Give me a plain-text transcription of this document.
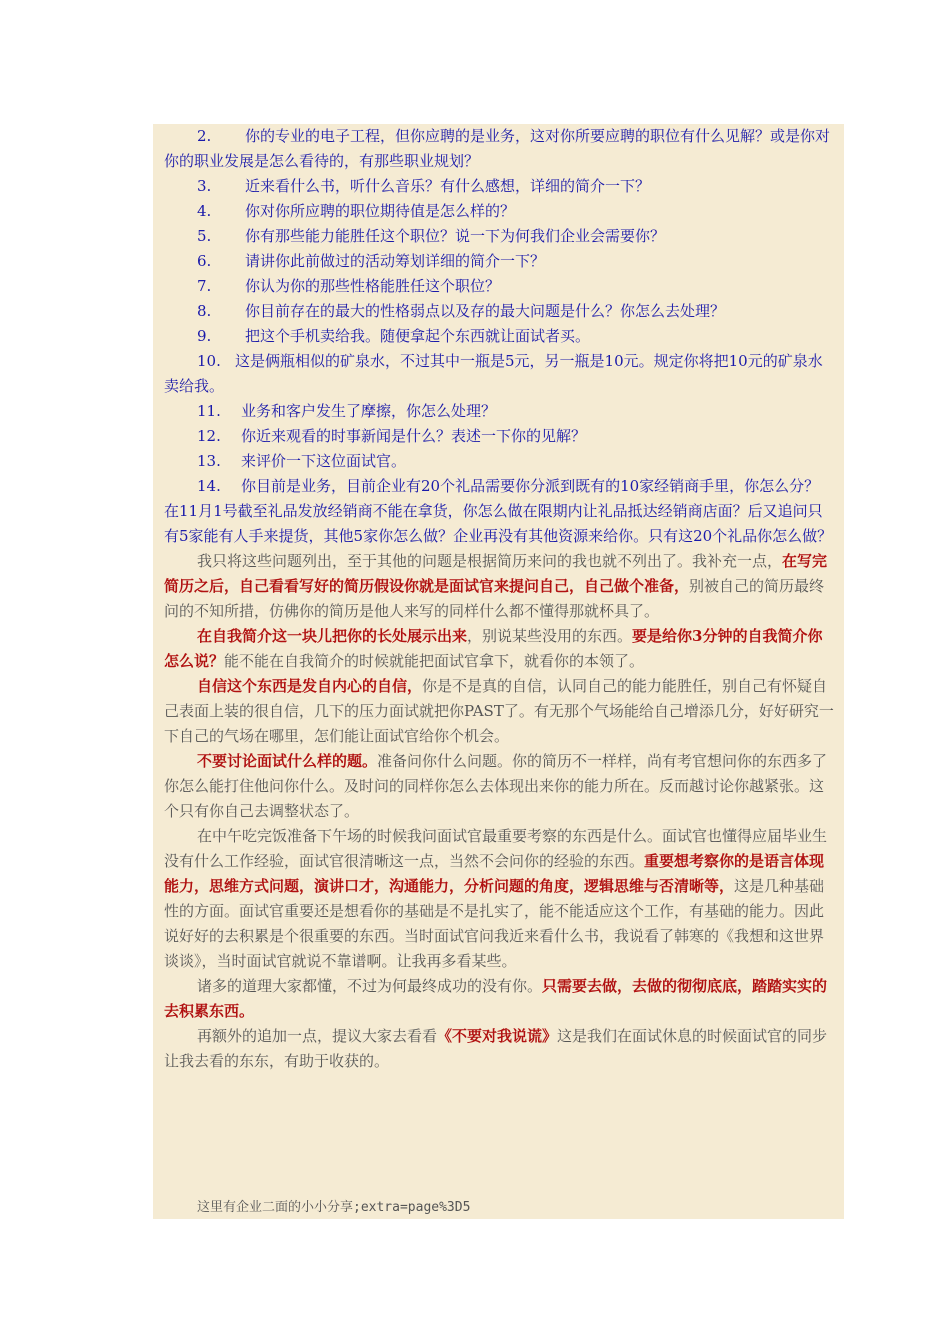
2. 你的专业的电子工程，但你应聘的是业务，这对你所要应聘的职位有什么见解？或是你对你的职业发展是怎么看待的，有那些职业规划？
3. 近来看什么书，听什么音乐？有什么感想，详细的简介一下？
4. 你对你所应聘的职位期待值是怎么样的？
5. 你有那些能力能胜任这个职位？说一下为何我们企业会需要你？
6. 请讲你此前做过的活动筹划详细的简介一下？
7. 你认为你的那些性格能胜任这个职位？
8. 你目前存在的最大的性格弱点以及存的最大问题是什么？你怎么去处理？
9. 把这个手机卖给我。随便拿起个东西就让面试者买。
10. 这是俩瓶相似的矿泉水，不过其中一瓶是5元，另一瓶是10元。规定你将把10元的矿泉水卖给我。
11. 业务和客户发生了摩擦，你怎么处理？
12. 你近来观看的时事新闻是什么？表述一下你的见解？
13. 来评价一下这位面试官。
14. 你目前是业务，目前企业有20个礼品需要你分派到既有的10家经销商手里，你怎么分？在11月1号截至礼品发放经销商不能在拿货，你怎么做在限期内让礼品抵达经销商店面？后又追问只有5家能有人手来提货，其他5家你怎么做？企业再没有其他资源来给你。只有这20个礼品你怎么做？

我只将这些问题列出，至于其他的问题是根据简历来问的我也就不列出了。我补充一点，在写完简历之后，自己看看写好的简历假设你就是面试官来提问自己，自己做个准备，别被自己的简历最终问的不知所措，仿佛你的简历是他人来写的同样什么都不懂得那就杯具了。

在自我简介这一块儿把你的长处展示出来，别说某些没用的东西。要是给你3分钟的自我简介你怎么说？能不能在自我简介的时候就能把面试官拿下，就看你的本领了。

自信这个东西是发自内心的自信，你是不是真的自信，认同自己的能力能胜任，别自己有怀疑自己表面上装的很自信，几下的压力面试就把你PAST了。有无那个气场能给自己增添几分，好好研究一下自己的气场在哪里，怎们能让面试官给你个机会。

不要讨论面试什么样的题。准备问你什么问题。你的简历不一样样，尚有考官想问你的东西多了你怎么能打住他问你什么。及时问的同样你怎么去体现出来你的能力所在。反而越讨论你越紧张。这个只有你自己去调整状态了。

在中午吃完饭准备下午场的时候我问面试官最重要考察的东西是什么。面试官也懂得应届毕业生没有什么工作经验，面试官很清晰这一点，当然不会问你的经验的东西。重要想考察你的是语言体现能力，思维方式问题，演讲口才，沟通能力，分析问题的角度，逻辑思维与否清晰等，这是几种基础性的方面。面试官重要还是想看你的基础是不是扎实了，能不能适应这个工作，有基础的能力。因此说好好的去积累是个很重要的东西。当时面试官问我近来看什么书，我说看了韩寒的《我想和这世界谈谈》，当时面试官就说不靠谱啊。让我再多看某些。

诸多的道理大家都懂，不过为何最终成功的没有你。只需要去做，去做的彻彻底底，踏踏实实的去积累东西。

再额外的追加一点，提议大家去看看《不要对我说谎》这是我们在面试休息的时候面试官的同步让我去看的东东，有助于收获的。

这里有企业二面的小小分享;extra=page%3D5
